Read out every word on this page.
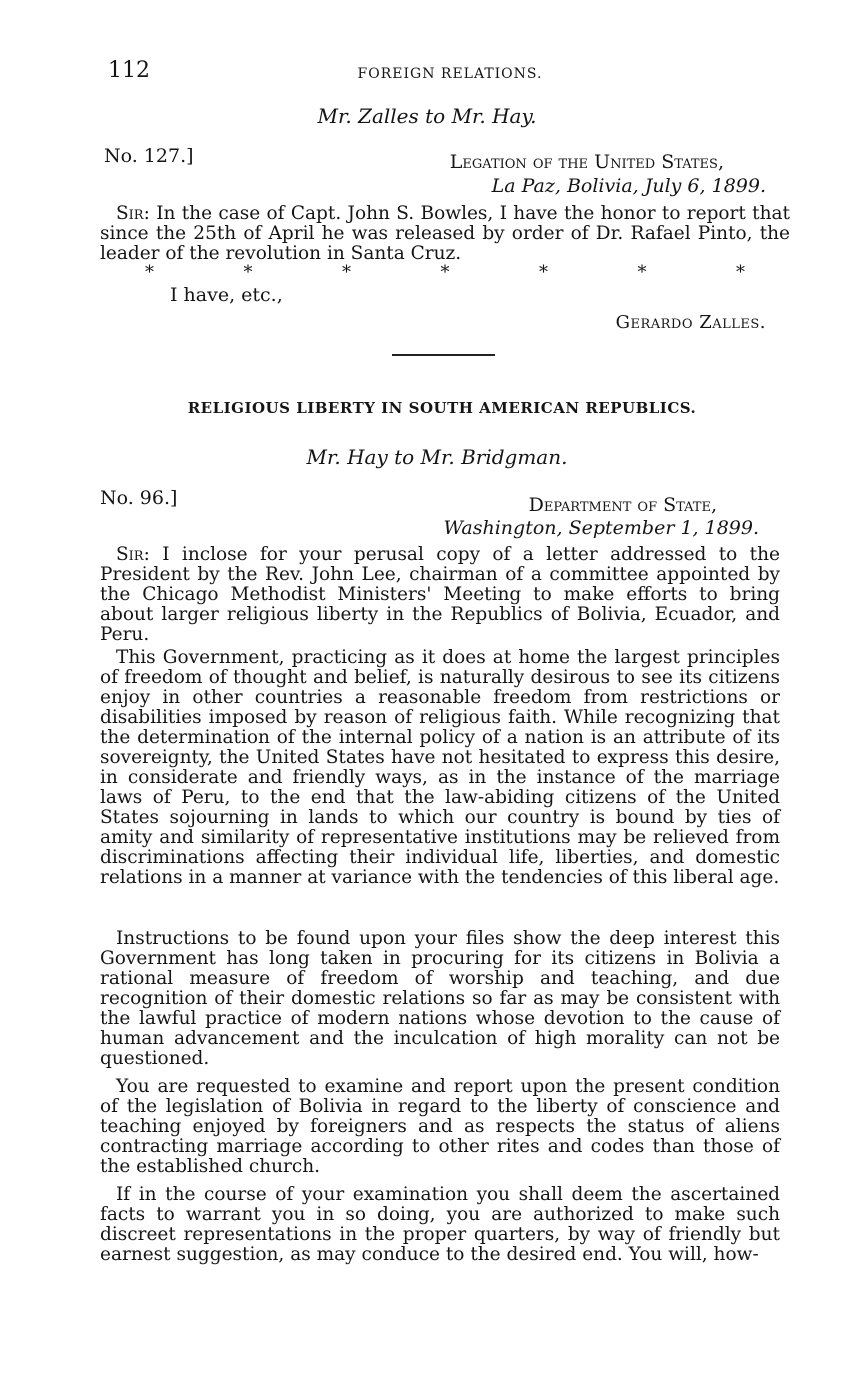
112	FOREIGN RELATIONS.
Mr. Zalles to Mr. Hay.
No. 127.]	Legation of the United States,
La Paz, Bolivia, July 6, 1899.
Sir: In the case of Capt. John S. Bowles, I have the honor to report that since the 25th of April he was released by order of Dr. Rafael Pinto, the leader of the revolution in Santa Cruz.
*	*	*	*	*	*	*
I have, etc.,
Gerardo Zalles.
RELIGIOUS LIBERTY IN SOUTH AMERICAN REPUBLICS.
Mr. Hay to Mr. Bridgman.
No. 96.]	Department of State,
Washington, September 1, 1899.
Sir: I inclose for your perusal copy of a letter addressed to the President by the Rev. John Lee, chairman of a committee appointed by the Chicago Methodist Ministers' Meeting to make efforts to bring about larger religious liberty in the Republics of Bolivia, Ecuador, and Peru.
This Government, practicing as it does at home the largest principles of freedom of thought and belief, is naturally desirous to see its citizens enjoy in other countries a reasonable freedom from restrictions or disabilities imposed by reason of religious faith. While recognizing that the determination of the internal policy of a nation is an attribute of its sovereignty, the United States have not hesitated to express this desire, in considerate and friendly ways, as in the instance of the marriage laws of Peru, to the end that the law-abiding citizens of the United States sojourning in lands to which our country is bound by ties of amity and similarity of representative institutions may be relieved from discriminations affecting their individual life, liberties, and domestic relations in a manner at variance with the tendencies of this liberal age.
Instructions to be found upon your files show the deep interest this Government has long taken in procuring for its citizens in Bolivia a rational measure of freedom of worship and teaching, and due recognition of their domestic relations so far as may be consistent with the lawful practice of modern nations whose devotion to the cause of human advancement and the inculcation of high morality can not be questioned.
You are requested to examine and report upon the present condition of the legislation of Bolivia in regard to the liberty of conscience and teaching enjoyed by foreigners and as respects the status of aliens contracting marriage according to other rites and codes than those of the established church.
If in the course of your examination you shall deem the ascertained facts to warrant you in so doing, you are authorized to make such discreet representations in the proper quarters, by way of friendly but earnest suggestion, as may conduce to the desired end. You will, how-
